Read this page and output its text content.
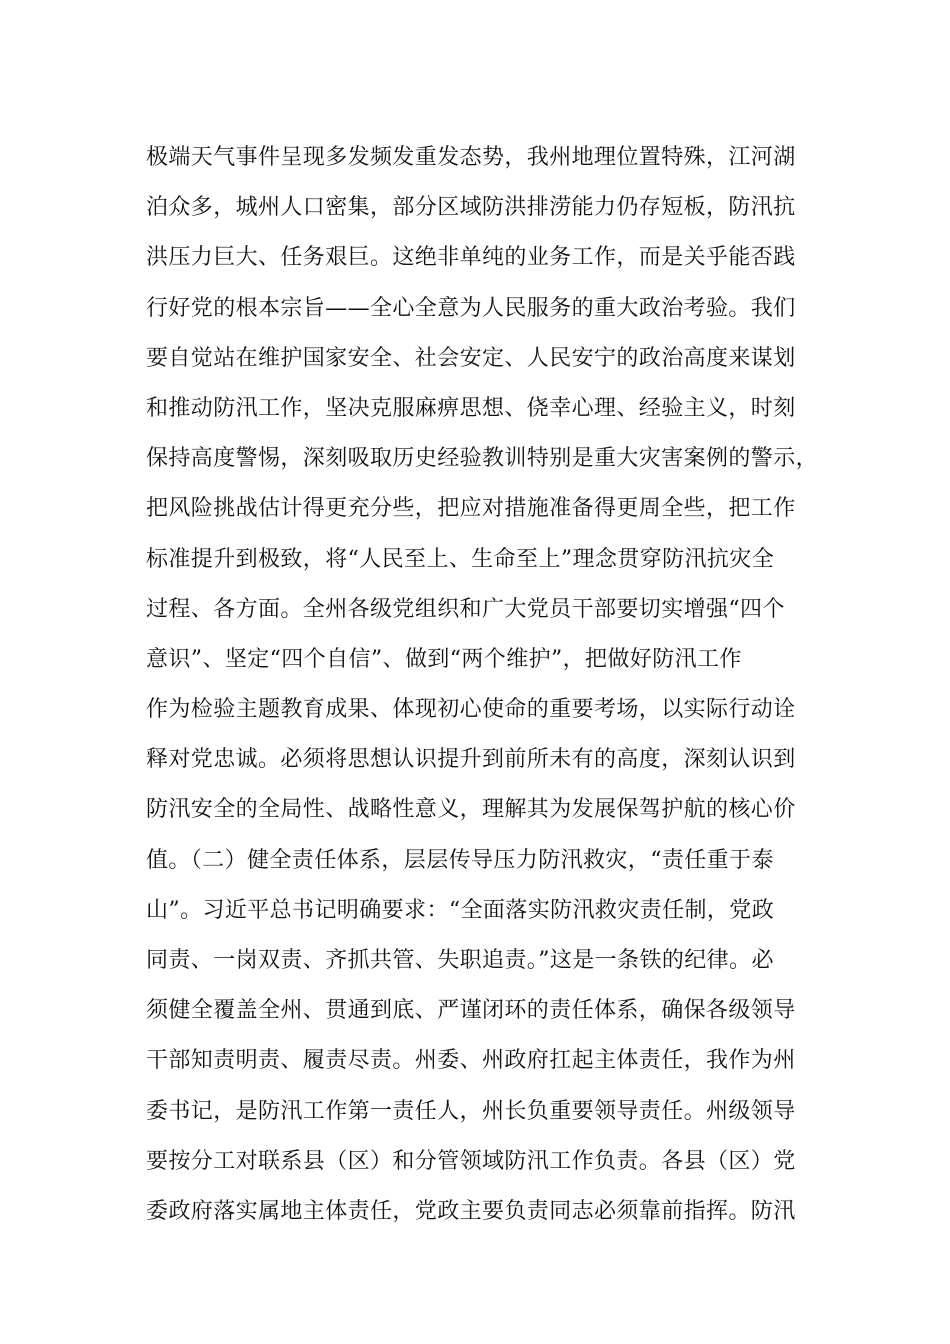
极端天气事件呈现多发频发重发态势，我州地理位置特殊，江河湖
泊众多，城州人口密集，部分区域防洪排涝能力仍存短板，防汛抗
洪压力巨大、任务艰巨。这绝非单纯的业务工作，而是关乎能否践
行好党的根本宗旨——全心全意为人民服务的重大政治考验。我们
要自觉站在维护国家安全、社会安定、人民安宁的政治高度来谋划
和推动防汛工作，坚决克服麻痹思想、侥幸心理、经验主义，时刻
保持高度警惕，深刻吸取历史经验教训特别是重大灾害案例的警示，
把风险挑战估计得更充分些，把应对措施准备得更周全些，把工作
标准提升到极致，将“人民至上、生命至上”理念贯穿防汛抗灾全
过程、各方面。全州各级党组织和广大党员干部要切实增强“四个
意识”、坚定“四个自信”、做到“两个维护”，把做好防汛工作
作为检验主题教育成果、体现初心使命的重要考场，以实际行动诠
释对党忠诚。必须将思想认识提升到前所未有的高度，深刻认识到
防汛安全的全局性、战略性意义，理解其为发展保驾护航的核心价
值。（二）健全责任体系，层层传导压力防汛救灾，“责任重于泰
山”。习近平总书记明确要求：“全面落实防汛救灾责任制，党政
同责、一岗双责、齐抓共管、失职追责。”这是一条铁的纪律。必
须健全覆盖全州、贯通到底、严谨闭环的责任体系，确保各级领导
干部知责明责、履责尽责。州委、州政府扛起主体责任，我作为州
委书记，是防汛工作第一责任人，州长负重要领导责任。州级领导
要按分工对联系县（区）和分管领域防汛工作负责。各县（区）党
委政府落实属地主体责任，党政主要负责同志必须靠前指挥。防汛
